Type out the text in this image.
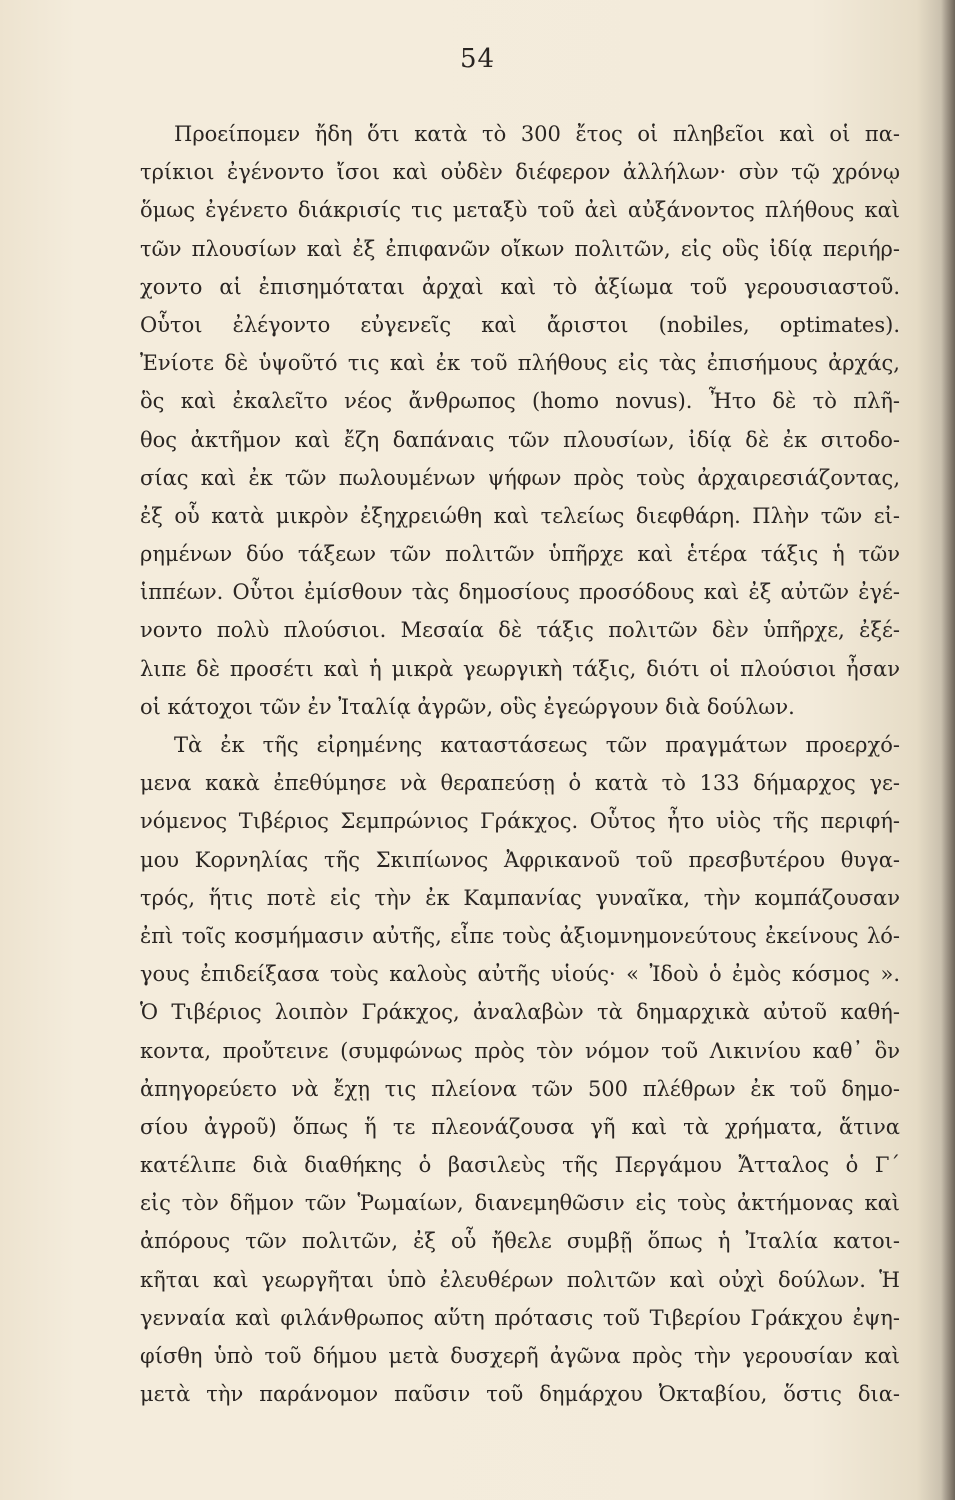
54
Προείπομεν ἤδη ὅτι κατὰ τὸ 300 ἔτος οἱ πληβεῖοι καὶ οἱ πα-
τρίκιοι ἐγένοντο ἴσοι καὶ οὐδὲν διέφερον ἀλλήλων· σὺν τῷ χρόνῳ
ὅμως ἐγένετο διάκρισίς τις μεταξὺ τοῦ ἀεὶ αὐξάνοντος πλήθους καὶ
τῶν πλουσίων καὶ ἐξ ἐπιφανῶν οἴκων πολιτῶν, εἰς οὓς ἰδίᾳ περιήρ-
χοντο αἱ ἐπισημόταται ἀρχαὶ καὶ τὸ ἀξίωμα τοῦ γερουσιαστοῦ.
Οὗτοι ἐλέγοντο εὐγενεῖς καὶ ἄριστοι (nobiles, optimates).
Ἐνίοτε δὲ ὑψοῦτό τις καὶ ἐκ τοῦ πλήθους εἰς τὰς ἐπισήμους ἀρχάς,
ὃς καὶ ἐκαλεῖτο νέος ἄνθρωπος (homo novus). Ἦτο δὲ τὸ πλῆ-
θος ἀκτῆμον καὶ ἔζη δαπάναις τῶν πλουσίων, ἰδίᾳ δὲ ἐκ σιτοδο-
σίας καὶ ἐκ τῶν πωλουμένων ψήφων πρὸς τοὺς ἀρχαιρεσιάζοντας,
ἐξ οὗ κατὰ μικρὸν ἐξηχρειώθη καὶ τελείως διεφθάρη. Πλὴν τῶν εἰ-
ρημένων δύο τάξεων τῶν πολιτῶν ὑπῆρχε καὶ ἑτέρα τάξις ἡ τῶν
ἱππέων. Οὗτοι ἐμίσθουν τὰς δημοσίους προσόδους καὶ ἐξ αὐτῶν ἐγέ-
νοντο πολὺ πλούσιοι. Μεσαία δὲ τάξις πολιτῶν δὲν ὑπῆρχε, ἐξέ-
λιπε δὲ προσέτι καὶ ἡ μικρὰ γεωργικὴ τάξις, διότι οἱ πλούσιοι ἦσαν
οἱ κάτοχοι τῶν ἐν Ἰταλίᾳ ἀγρῶν, οὓς ἐγεώργουν διὰ δούλων.
Τὰ ἐκ τῆς εἰρημένης καταστάσεως τῶν πραγμάτων προερχό-
μενα κακὰ ἐπεθύμησε νὰ θεραπεύσῃ ὁ κατὰ τὸ 133 δήμαρχος γε-
νόμενος Τιβέριος Σεμπρώνιος Γράκχος. Οὗτος ἦτο υἱὸς τῆς περιφή-
μου Κορνηλίας τῆς Σκιπίωνος Ἀφρικανοῦ τοῦ πρεσβυτέρου θυγα-
τρός, ἥτις ποτὲ εἰς τὴν ἐκ Καμπανίας γυναῖκα, τὴν κομπάζουσαν
ἐπὶ τοῖς κοσμήμασιν αὐτῆς, εἶπε τοὺς ἀξιομνημονεύτους ἐκείνους λό-
γους ἐπιδείξασα τοὺς καλοὺς αὐτῆς υἱούς· « Ἰδοὺ ὁ ἐμὸς κόσμος ».
Ὁ Τιβέριος λοιπὸν Γράκχος, ἀναλαβὼν τὰ δημαρχικὰ αὐτοῦ καθή-
κοντα, προὔτεινε (συμφώνως πρὸς τὸν νόμον τοῦ Λικινίου καθ᾽ ὃν
ἀπηγορεύετο νὰ ἔχῃ τις πλείονα τῶν 500 πλέθρων ἐκ τοῦ δημο-
σίου ἀγροῦ) ὅπως ἥ τε πλεονάζουσα γῆ καὶ τὰ χρήματα, ἅτινα
κατέλιπε διὰ διαθήκης ὁ βασιλεὺς τῆς Περγάμου Ἄτταλος ὁ Γ´
εἰς τὸν δῆμον τῶν Ῥωμαίων, διανεμηθῶσιν εἰς τοὺς ἀκτήμονας καὶ
ἀπόρους τῶν πολιτῶν, ἐξ οὗ ἤθελε συμβῇ ὅπως ἡ Ἰταλία κατοι-
κῆται καὶ γεωργῆται ὑπὸ ἐλευθέρων πολιτῶν καὶ οὐχὶ δούλων. Ἡ
γενναία καὶ φιλάνθρωπος αὕτη πρότασις τοῦ Τιβερίου Γράκχου ἐψη-
φίσθη ὑπὸ τοῦ δήμου μετὰ δυσχερῆ ἀγῶνα πρὸς τὴν γερουσίαν καὶ
μετὰ τὴν παράνομον παῦσιν τοῦ δημάρχου Ὀκταβίου, ὅστις δια-
